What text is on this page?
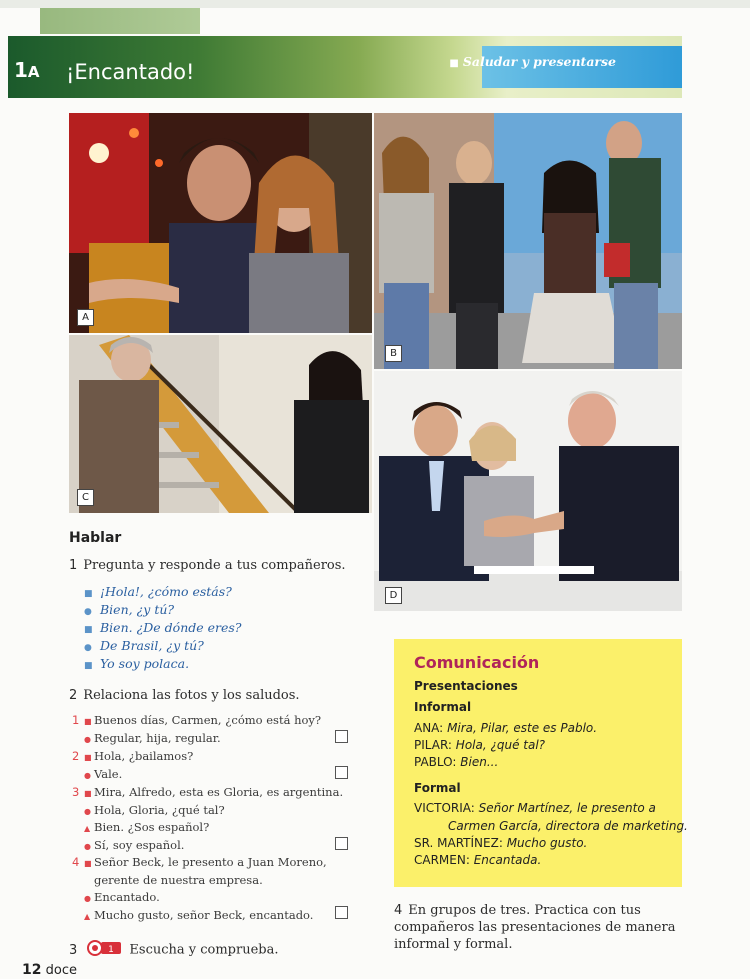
1A ¡Encantado!	■ Saludar y presentarse
A
B
C
D
Hablar
1 Pregunta y responde a tus compañeros.
■ ¡Hola!, ¿cómo estás?
● Bien, ¿y tú?
■ Bien. ¿De dónde eres?
● De Brasil, ¿y tú?
■ Yo soy polaca.
2 Relaciona las fotos y los saludos.
1 ■ Buenos días, Carmen, ¿cómo está hoy?
● Regular, hija, regular.
2 ■ Hola, ¿bailamos?
● Vale.
3 ■ Mira, Alfredo, esta es Gloria, es argentina.
● Hola, Gloria, ¿qué tal?
▲ Bien. ¿Sos español?
● Sí, soy español.
4 ■ Señor Beck, le presento a Juan Moreno,
gerente de nuestra empresa.
● Encantado.
▲ Mucho gusto, señor Beck, encantado.
3	1 Escucha y comprueba.
Comunicación
Presentaciones
Informal
ANA: Mira, Pilar, este es Pablo.
PILAR: Hola, ¿qué tal?
PABLO: Bien...
Formal
VICTORIA: Señor Martínez, le presento a
Carmen García, directora de marketing.
SR. MARTÍNEZ: Mucho gusto.
CARMEN: Encantada.
4 En grupos de tres. Practica con tus compañeros las presentaciones de manera informal y formal.
12 doce
